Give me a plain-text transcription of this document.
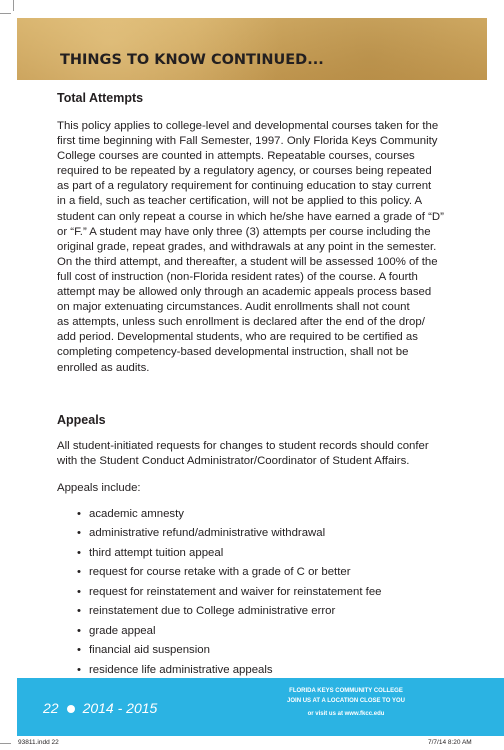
THINGS TO KNOW CONTINUED...
Total Attempts
This policy applies to college-level and developmental courses taken for the
first time beginning with Fall Semester, 1997. Only Florida Keys Community
College courses are counted in attempts. Repeatable courses, courses
required to be repeated by a regulatory agency, or courses being repeated
as part of a regulatory requirement for continuing education to stay current
in a field, such as teacher certification, will not be applied to this policy. A
student can only repeat a course in which he/she have earned a grade of “D”
or “F.” A student may have only three (3) attempts per course including the
original grade, repeat grades, and withdrawals at any point in the semester.
On the third attempt, and thereafter, a student will be assessed 100% of the
full cost of instruction (non-Florida resident rates) of the course. A fourth
attempt may be allowed only through an academic appeals process based
on major extenuating circumstances. Audit enrollments shall not count
as attempts, unless such enrollment is declared after the end of the drop/
add period. Developmental students, who are required to be certified as
completing competency-based developmental instruction, shall not be
enrolled as audits.
Appeals
All student-initiated requests for changes to student records should confer
with the Student Conduct Administrator/Coordinator of Student Affairs.
Appeals include:
• academic amnesty
• administrative refund/administrative withdrawal
• third attempt tuition appeal
• request for course retake with a grade of C or better
• request for reinstatement and waiver for reinstatement fee
• reinstatement due to College administrative error
• grade appeal
• financial aid suspension
• residence life administrative appeals
22 2014 - 2015
FLORIDA KEYS COMMUNITY COLLEGE
JOIN US AT A LOCATION CLOSE TO YOU
or visit us at www.fkcc.edu
93811.indd 22	7/7/14 8:20 AM
